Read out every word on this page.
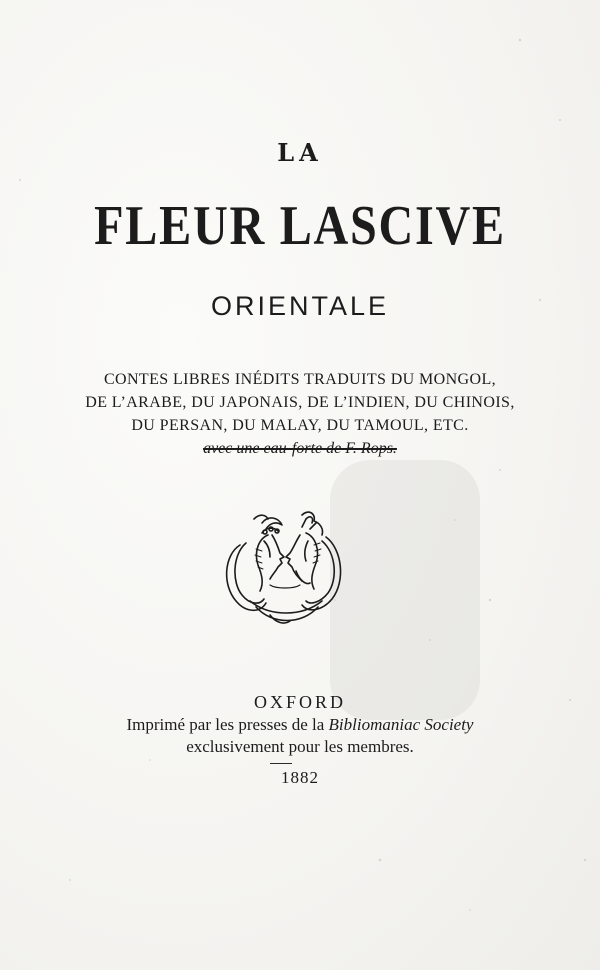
LA
FLEUR LASCIVE
ORIENTALE
CONTES LIBRES INÉDITS TRADUITS DU MONGOL,
DE L’ARABE, DU JAPONAIS, DE L’INDIEN, DU CHINOIS,
DU PERSAN, DU MALAY, DU TAMOUL, ETC.
avec une eau-forte de F. Rops.
OXFORD
Imprimé par les presses de la Bibliomaniac Society
exclusivement pour les membres.
1882
